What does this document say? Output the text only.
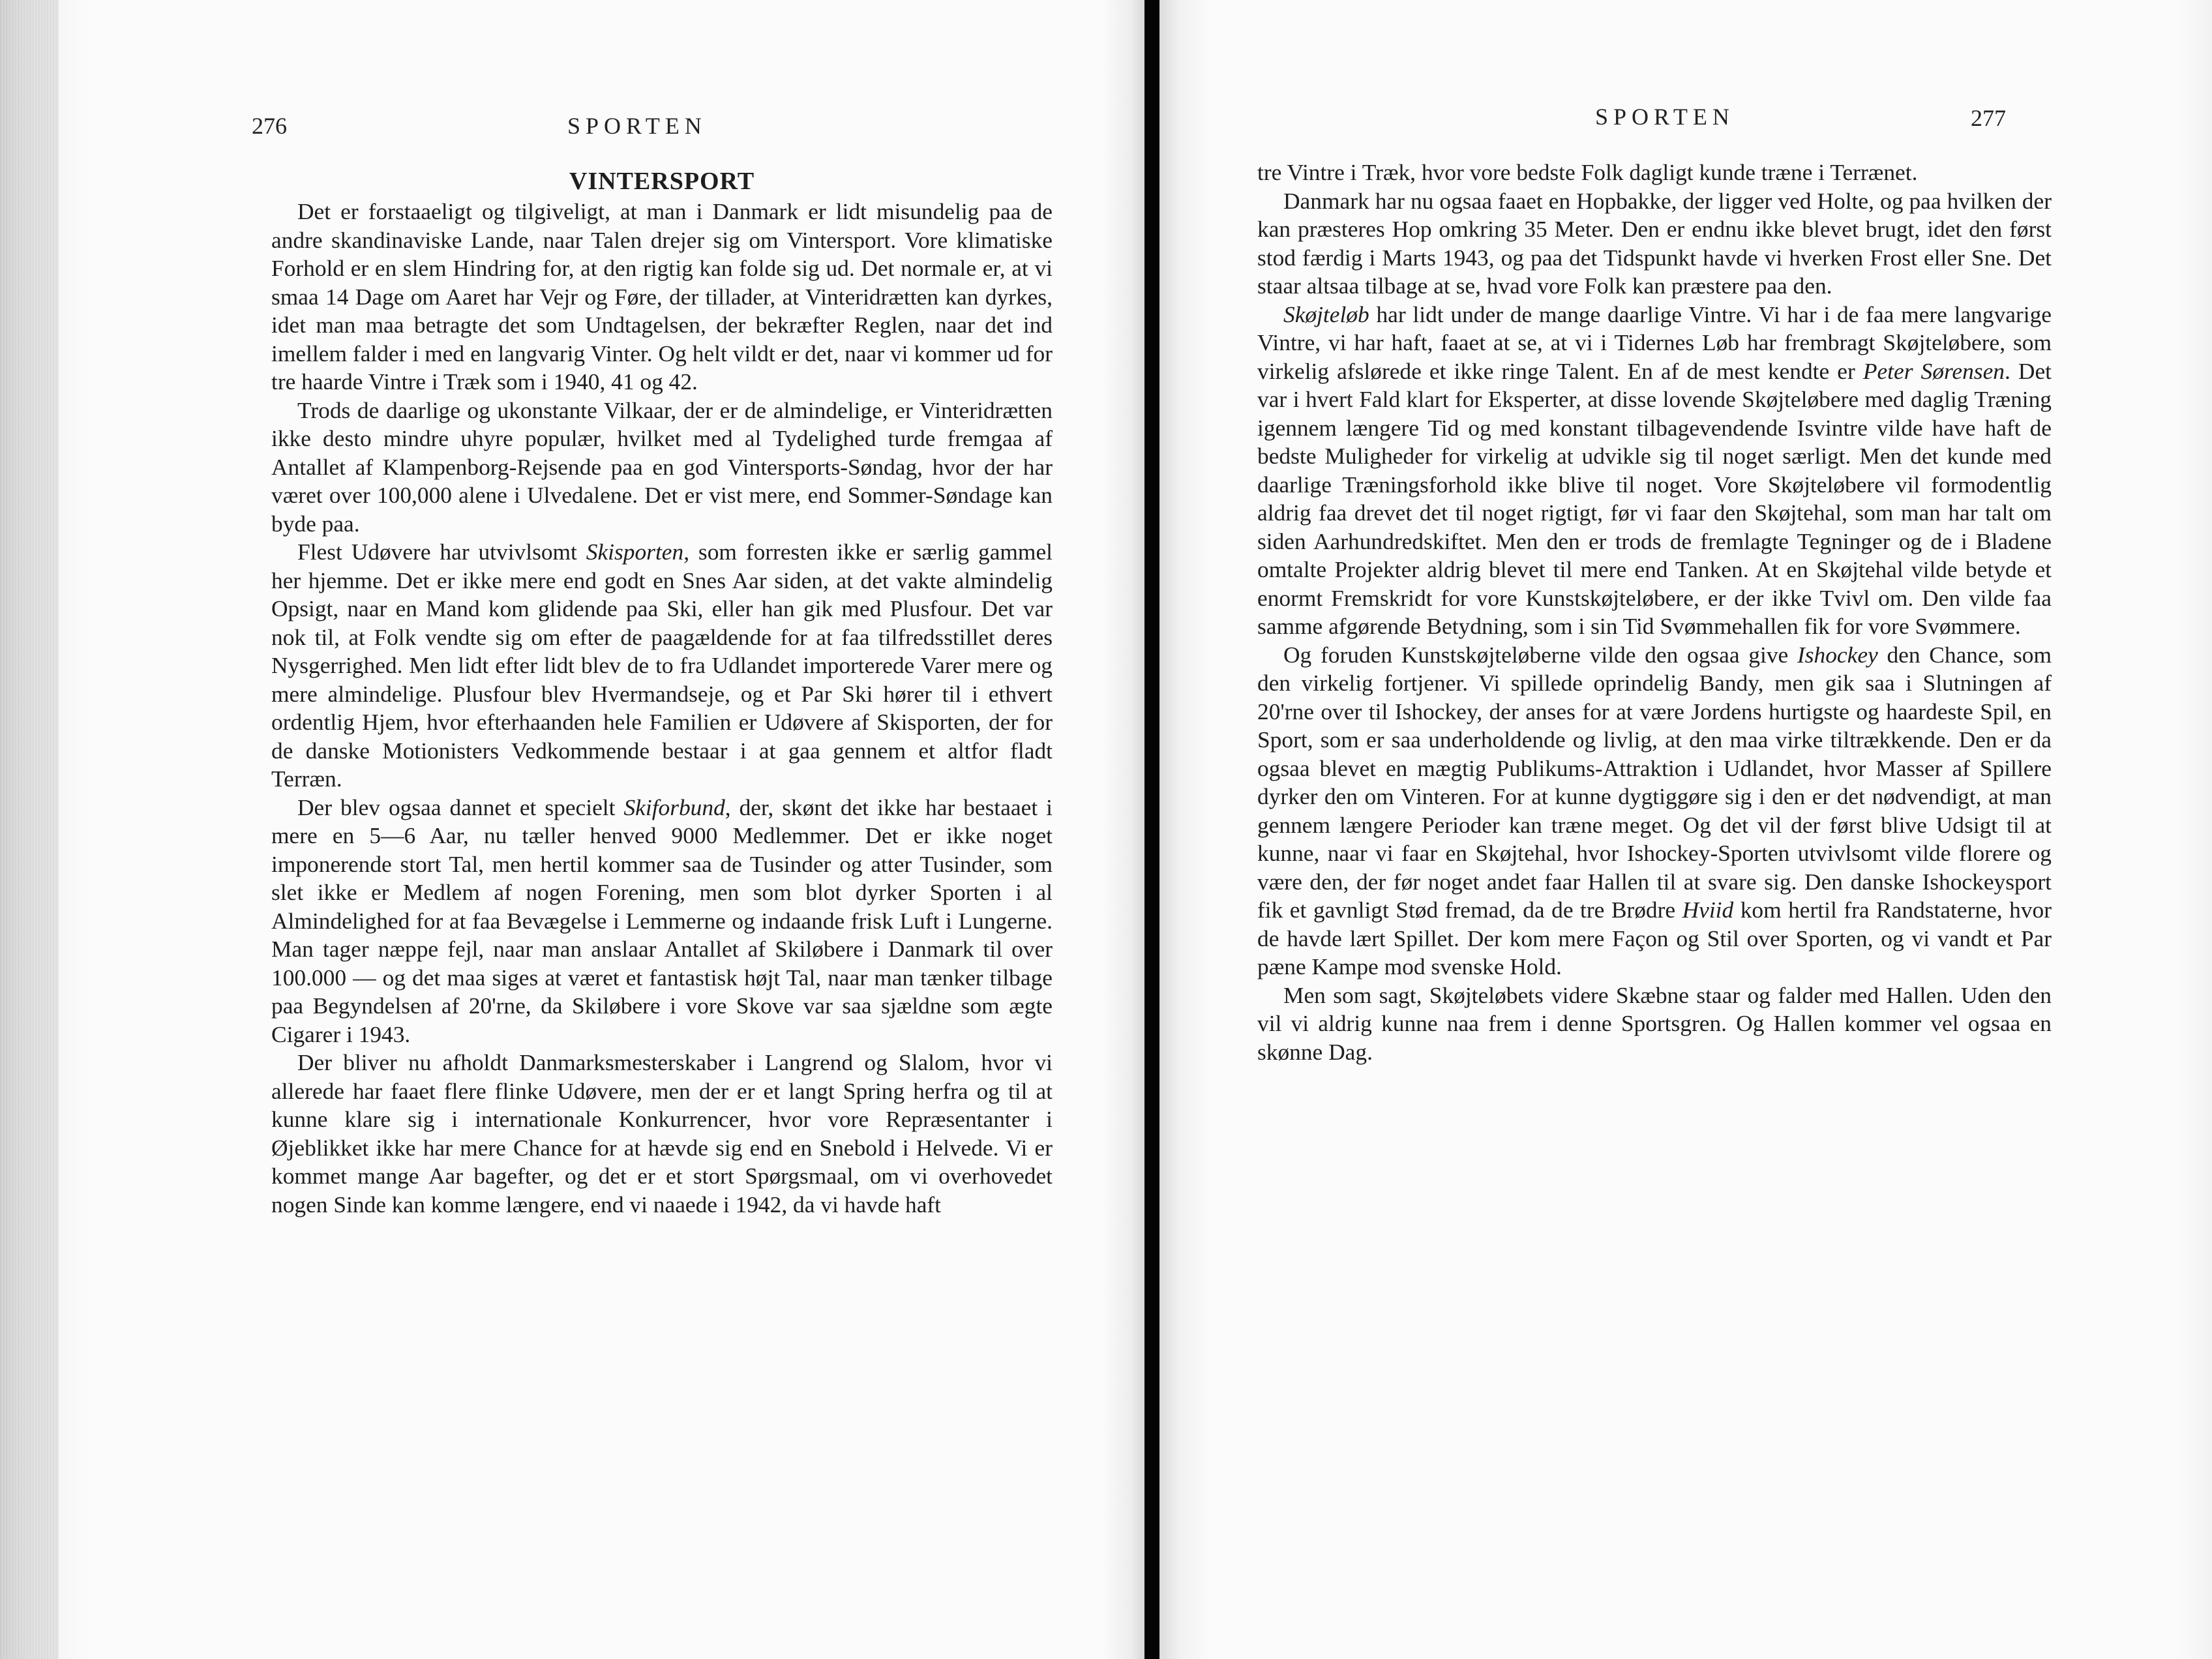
276	SPORTEN
VINTERSPORT

Det er forstaaeligt og tilgiveligt, at man i Danmark er lidt misundelig paa de andre skandinaviske Lande, naar Talen drejer sig om Vintersport. Vore klimatiske Forhold er en slem Hindring for, at den rigtig kan folde sig ud. Det normale er, at vi smaa 14 Dage om Aaret har Vejr og Føre, der tillader, at Vinteridrætten kan dyrkes, idet man maa betragte det som Undtagelsen, der bekræfter Reglen, naar det ind imellem falder i med en langvarig Vinter. Og helt vildt er det, naar vi kommer ud for tre haarde Vintre i Træk som i 1940, 41 og 42.

Trods de daarlige og ukonstante Vilkaar, der er de almindelige, er Vinteridrætten ikke desto mindre uhyre populær, hvilket med al Tydelighed turde fremgaa af Antallet af Klampenborg-Rejsende paa en god Vintersports-Søndag, hvor der har været over 100,000 alene i Ulvedalene. Det er vist mere, end Sommer-Søndage kan byde paa.

Flest Udøvere har utvivlsomt Skisporten, som forresten ikke er særlig gammel her hjemme. Det er ikke mere end godt en Snes Aar siden, at det vakte almindelig Opsigt, naar en Mand kom glidende paa Ski, eller han gik med Plusfour. Det var nok til, at Folk vendte sig om efter de paagældende for at faa tilfredsstillet deres Nysgerrighed. Men lidt efter lidt blev de to fra Udlandet importerede Varer mere og mere almindelige. Plusfour blev Hvermandseje, og et Par Ski hører til i ethvert ordentlig Hjem, hvor efterhaanden hele Familien er Udøvere af Skisporten, der for de danske Motionisters Vedkommende bestaar i at gaa gennem et altfor fladt Terræn.

Der blev ogsaa dannet et specielt Skiforbund, der, skønt det ikke har bestaaet i mere en 5—6 Aar, nu tæller henved 9000 Medlemmer. Det er ikke noget imponerende stort Tal, men hertil kommer saa de Tusinder og atter Tusinder, som slet ikke er Medlem af nogen Forening, men som blot dyrker Sporten i al Almindelighed for at faa Bevægelse i Lemmerne og indaande frisk Luft i Lungerne. Man tager næppe fejl, naar man anslaar Antallet af Skiløbere i Danmark til over 100.000 — og det maa siges at været et fantastisk højt Tal, naar man tænker tilbage paa Begyndelsen af 20'rne, da Skiløbere i vore Skove var saa sjældne som ægte Cigarer i 1943.

Der bliver nu afholdt Danmarksmesterskaber i Langrend og Slalom, hvor vi allerede har faaet flere flinke Udøvere, men der er et langt Spring herfra og til at kunne klare sig i internationale Konkurrencer, hvor vore Repræsentanter i Øjeblikket ikke har mere Chance for at hævde sig end en Snebold i Helvede. Vi er kommet mange Aar bagefter, og det er et stort Spørgsmaal, om vi overhovedet nogen Sinde kan komme længere, end vi naaede i 1942, da vi havde haft

SPORTEN	277

tre Vintre i Træk, hvor vore bedste Folk dagligt kunde træne i Terrænet.

Danmark har nu ogsaa faaet en Hopbakke, der ligger ved Holte, og paa hvilken der kan præsteres Hop omkring 35 Meter. Den er endnu ikke blevet brugt, idet den først stod færdig i Marts 1943, og paa det Tidspunkt havde vi hverken Frost eller Sne. Det staar altsaa tilbage at se, hvad vore Folk kan præstere paa den.

Skøjteløb har lidt under de mange daarlige Vintre. Vi har i de faa mere langvarige Vintre, vi har haft, faaet at se, at vi i Tidernes Løb har frembragt Skøjteløbere, som virkelig afslørede et ikke ringe Talent. En af de mest kendte er Peter Sørensen. Det var i hvert Fald klart for Eksperter, at disse lovende Skøjteløbere med daglig Træning igennem længere Tid og med konstant tilbagevendende Isvintre vilde have haft de bedste Muligheder for virkelig at udvikle sig til noget særligt. Men det kunde med daarlige Træningsforhold ikke blive til noget. Vore Skøjteløbere vil formodentlig aldrig faa drevet det til noget rigtigt, før vi faar den Skøjtehal, som man har talt om siden Aarhundredskiftet. Men den er trods de fremlagte Tegninger og de i Bladene omtalte Projekter aldrig blevet til mere end Tanken. At en Skøjtehal vilde betyde et enormt Fremskridt for vore Kunstskøjteløbere, er der ikke Tvivl om. Den vilde faa samme afgørende Betydning, som i sin Tid Svømmehallen fik for vore Svømmere.

Og foruden Kunstskøjteløberne vilde den ogsaa give Ishockey den Chance, som den virkelig fortjener. Vi spillede oprindelig Bandy, men gik saa i Slutningen af 20'rne over til Ishockey, der anses for at være Jordens hurtigste og haardeste Spil, en Sport, som er saa underholdende og livlig, at den maa virke tiltrækkende. Den er da ogsaa blevet en mægtig Publikums-Attraktion i Udlandet, hvor Masser af Spillere dyrker den om Vinteren. For at kunne dygtiggøre sig i den er det nødvendigt, at man gennem længere Perioder kan træne meget. Og det vil der først blive Udsigt til at kunne, naar vi faar en Skøjtehal, hvor Ishockey-Sporten utvivlsomt vilde florere og være den, der før noget andet faar Hallen til at svare sig. Den danske Ishockeysport fik et gavnligt Stød fremad, da de tre Brødre Hviid kom hertil fra Randstaterne, hvor de havde lært Spillet. Der kom mere Façon og Stil over Sporten, og vi vandt et Par pæne Kampe mod svenske Hold.

Men som sagt, Skøjteløbets videre Skæbne staar og falder med Hallen. Uden den vil vi aldrig kunne naa frem i denne Sportsgren. Og Hallen kommer vel ogsaa en skønne Dag.
